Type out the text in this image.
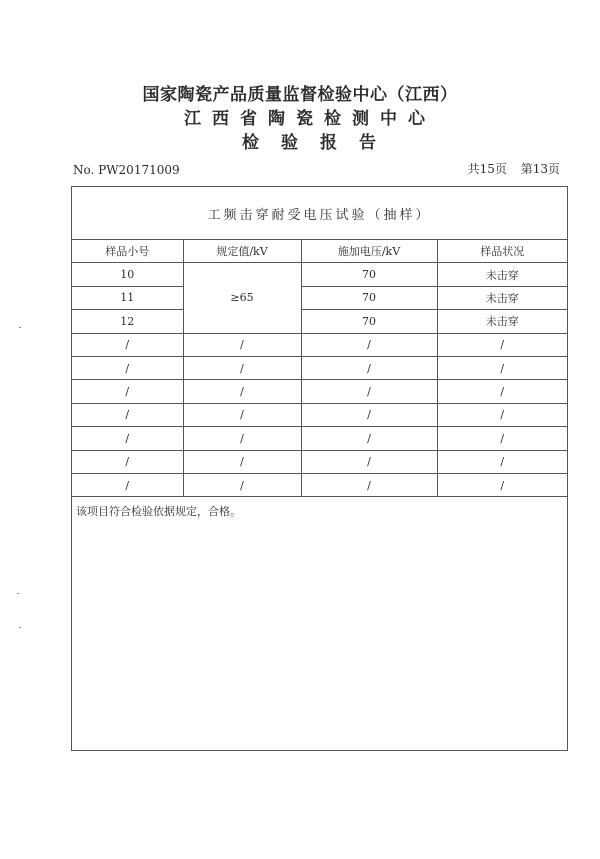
国家陶瓷产品质量监督检验中心（江西）
江西省陶瓷检测中心
检验报告
No. PW20171009	共15页 第13页
工频击穿耐受电压试验（抽样）
样品小号	规定值/kV	施加电压/kV	样品状况
10	≥65	70	未击穿
11		70	未击穿
12		70	未击穿
/	/	/	/
/	/	/	/
/	/	/	/
/	/	/	/
/	/	/	/
/	/	/	/
/	/	/	/
该项目符合检验依据规定，合格。
